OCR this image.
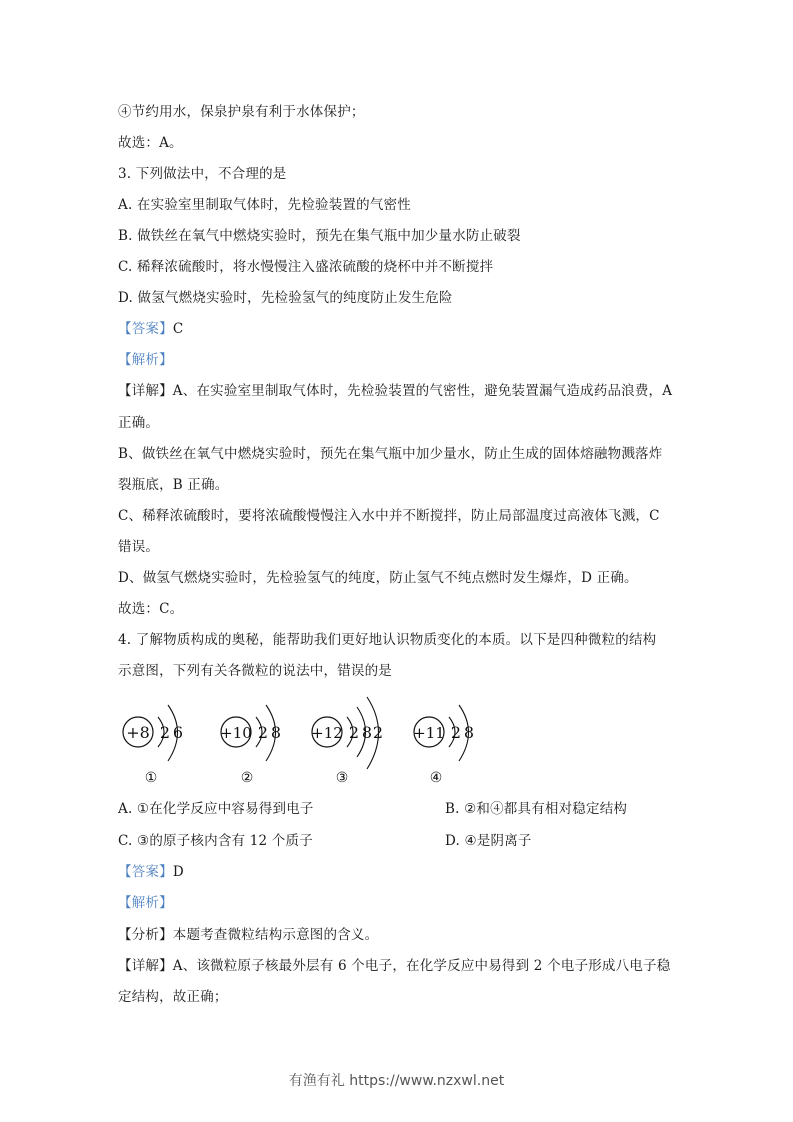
④节约用水，保泉护泉有利于水体保护；
故选：A。
3. 下列做法中，不合理的是
A. 在实验室里制取气体时，先检验装置的气密性
B. 做铁丝在氧气中燃烧实验时，预先在集气瓶中加少量水防止破裂
C. 稀释浓硫酸时，将水慢慢注入盛浓硫酸的烧杯中并不断搅拌
D. 做氢气燃烧实验时，先检验氢气的纯度防止发生危险
【答案】C
【解析】
【详解】A、在实验室里制取气体时，先检验装置的气密性，避免装置漏气造成药品浪费，A
正确。
B、做铁丝在氧气中燃烧实验时，预先在集气瓶中加少量水，防止生成的固体熔融物溅落炸
裂瓶底，B 正确。
C、稀释浓硫酸时，要将浓硫酸慢慢注入水中并不断搅拌，防止局部温度过高液体飞溅，C
错误。
D、做氢气燃烧实验时，先检验氢气的纯度，防止氢气不纯点燃时发生爆炸，D 正确。
故选：C。
4. 了解物质构成的奥秘，能帮助我们更好地认识物质变化的本质。以下是四种微粒的结构
示意图，下列有关各微粒的说法中，错误的是
+8 2 6
①
+10 2 8
②
+12 2 8 2
③
+11 2 8
④
A. ①在化学反应中容易得到电子	B. ②和④都具有相对稳定结构
C. ③的原子核内含有 12 个质子	D. ④是阴离子
【答案】D
【解析】
【分析】本题考查微粒结构示意图的含义。
【详解】A、该微粒原子核最外层有 6 个电子，在化学反应中易得到 2 个电子形成八电子稳
定结构，故正确；
有渔有礼 https://www.nzxwl.net
